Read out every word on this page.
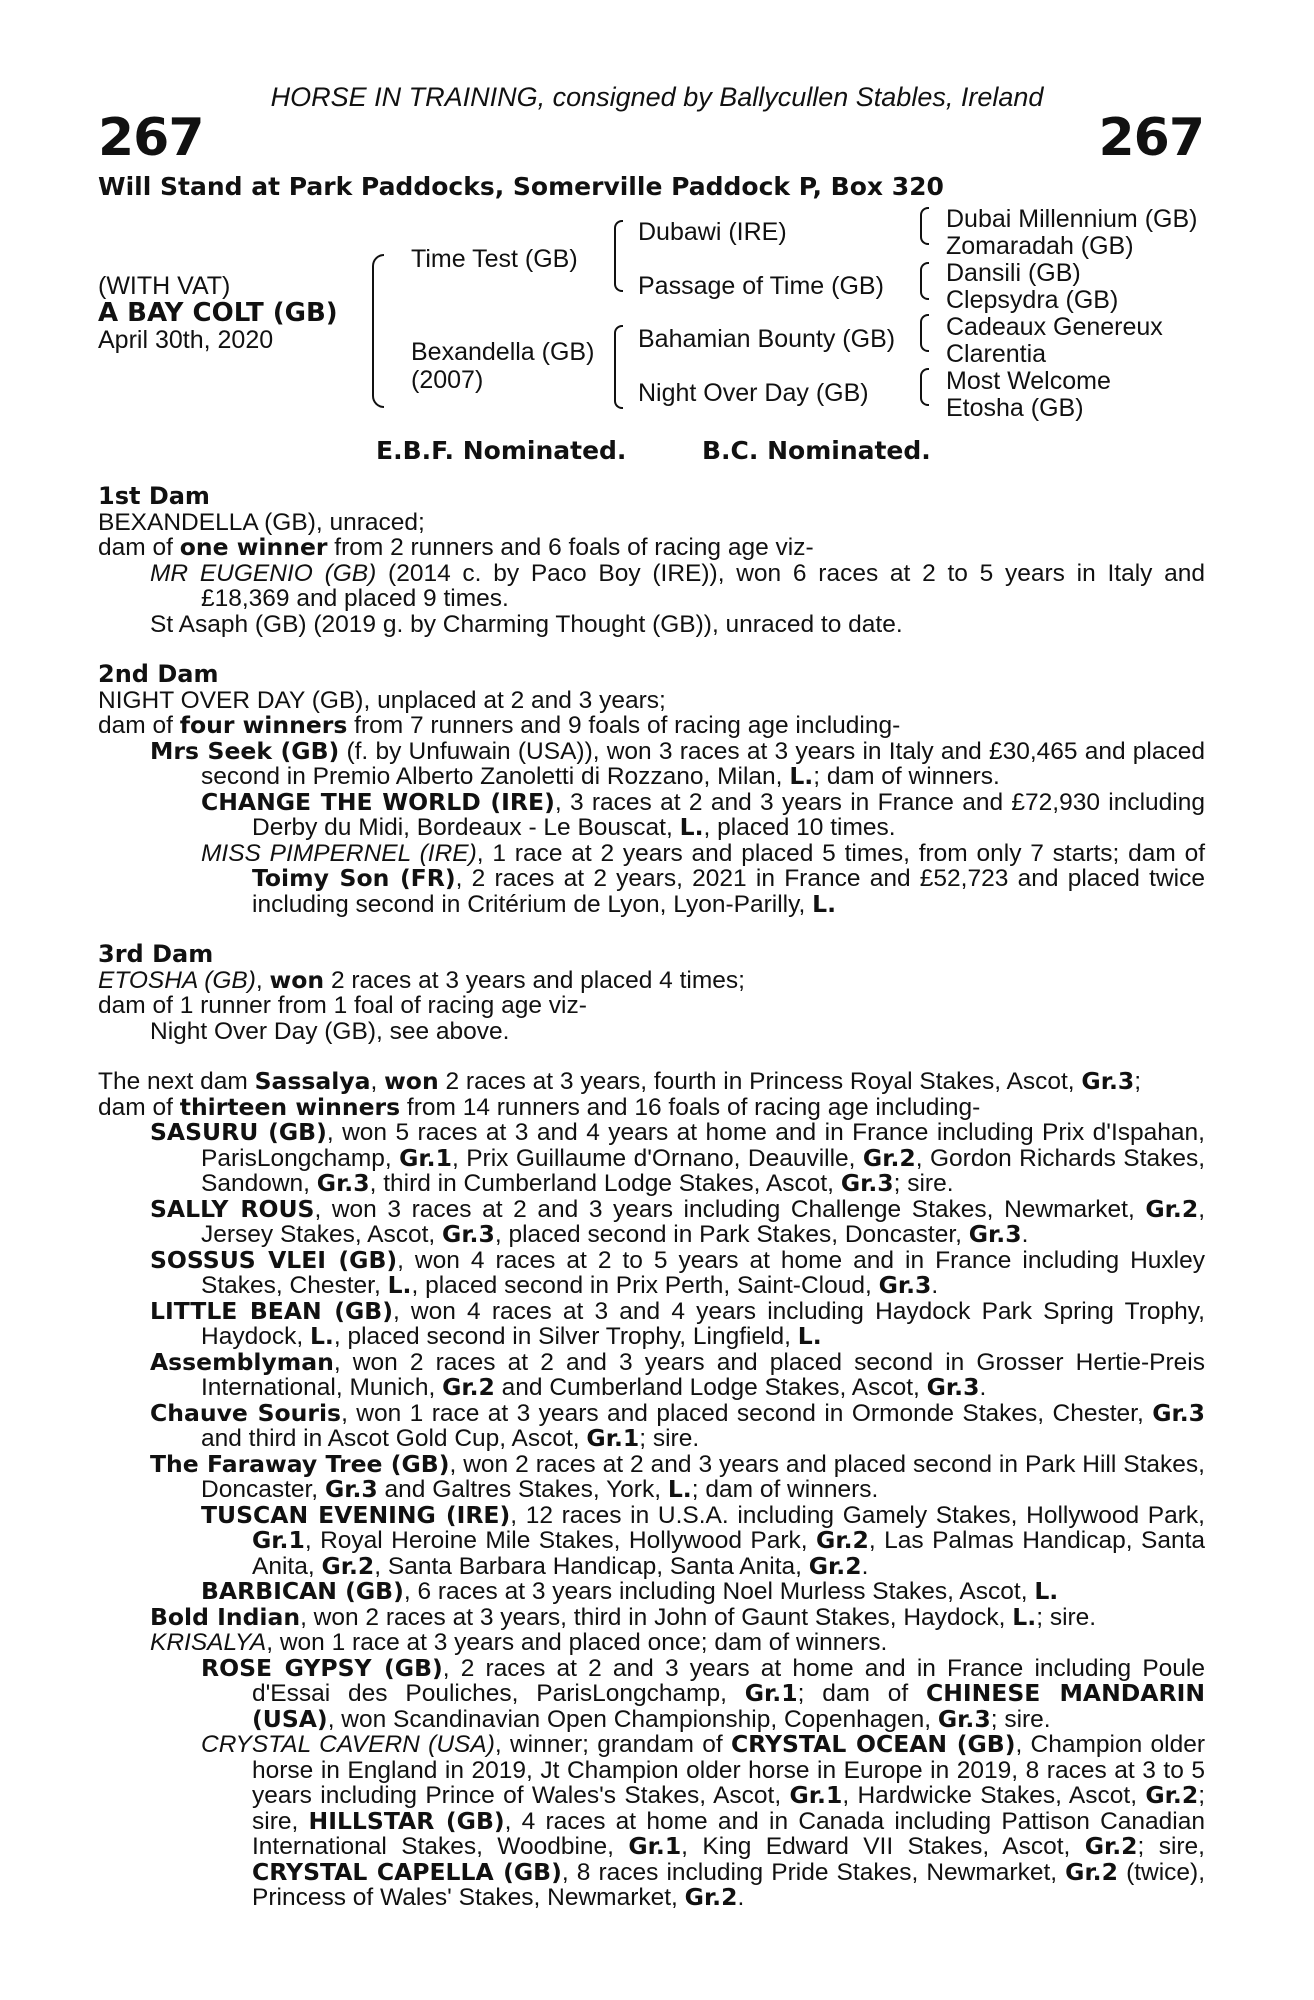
HORSE IN TRAINING, consigned by Ballycullen Stables, Ireland
267	267
Will Stand at Park Paddocks, Somerville Paddock P, Box 320
(WITH VAT)
A BAY COLT (GB)
April 30th, 2020
Time Test (GB)
Bexandella (GB)
(2007)
Dubawi (IRE)
Passage of Time (GB)
Bahamian Bounty (GB)
Night Over Day (GB)
Dubai Millennium (GB)
Zomaradah (GB)
Dansili (GB)
Clepsydra (GB)
Cadeaux Genereux
Clarentia
Most Welcome
Etosha (GB)
E.B.F. Nominated.	B.C. Nominated.

1st Dam

BEXANDELLA (GB), unraced;

dam of one winner from 2 runners and 6 foals of racing age viz-

MR EUGENIO (GB) (2014 c. by Paco Boy (IRE)), won 6 races at 2 to 5 years in Italy and £18,369 and placed 9 times.

St Asaph (GB) (2019 g. by Charming Thought (GB)), unraced to date.

2nd Dam

NIGHT OVER DAY (GB), unplaced at 2 and 3 years;

dam of four winners from 7 runners and 9 foals of racing age including-

Mrs Seek (GB) (f. by Unfuwain (USA)), won 3 races at 3 years in Italy and £30,465 and placed second in Premio Alberto Zanoletti di Rozzano, Milan, L.; dam of winners.

CHANGE THE WORLD (IRE), 3 races at 2 and 3 years in France and £72,930 including Derby du Midi, Bordeaux - Le Bouscat, L., placed 10 times.

MISS PIMPERNEL (IRE), 1 race at 2 years and placed 5 times, from only 7 starts; dam of Toimy Son (FR), 2 races at 2 years, 2021 in France and £52,723 and placed twice including second in Critérium de Lyon, Lyon-Parilly, L.

3rd Dam

ETOSHA (GB), won 2 races at 3 years and placed 4 times;

dam of 1 runner from 1 foal of racing age viz-

Night Over Day (GB), see above.

The next dam Sassalya, won 2 races at 3 years, fourth in Princess Royal Stakes, Ascot, Gr.3;

dam of thirteen winners from 14 runners and 16 foals of racing age including-

SASURU (GB), won 5 races at 3 and 4 years at home and in France including Prix d'Ispahan, ParisLongchamp, Gr.1, Prix Guillaume d'Ornano, Deauville, Gr.2, Gordon Richards Stakes, Sandown, Gr.3, third in Cumberland Lodge Stakes, Ascot, Gr.3; sire.

SALLY ROUS, won 3 races at 2 and 3 years including Challenge Stakes, Newmarket, Gr.2, Jersey Stakes, Ascot, Gr.3, placed second in Park Stakes, Doncaster, Gr.3.

SOSSUS VLEI (GB), won 4 races at 2 to 5 years at home and in France including Huxley Stakes, Chester, L., placed second in Prix Perth, Saint-Cloud, Gr.3.

LITTLE BEAN (GB), won 4 races at 3 and 4 years including Haydock Park Spring Trophy, Haydock, L., placed second in Silver Trophy, Lingfield, L.

Assemblyman, won 2 races at 2 and 3 years and placed second in Grosser Hertie-Preis International, Munich, Gr.2 and Cumberland Lodge Stakes, Ascot, Gr.3.

Chauve Souris, won 1 race at 3 years and placed second in Ormonde Stakes, Chester, Gr.3 and third in Ascot Gold Cup, Ascot, Gr.1; sire.

The Faraway Tree (GB), won 2 races at 2 and 3 years and placed second in Park Hill Stakes, Doncaster, Gr.3 and Galtres Stakes, York, L.; dam of winners.

TUSCAN EVENING (IRE), 12 races in U.S.A. including Gamely Stakes, Hollywood Park, Gr.1, Royal Heroine Mile Stakes, Hollywood Park, Gr.2, Las Palmas Handicap, Santa Anita, Gr.2, Santa Barbara Handicap, Santa Anita, Gr.2.

BARBICAN (GB), 6 races at 3 years including Noel Murless Stakes, Ascot, L.

Bold Indian, won 2 races at 3 years, third in John of Gaunt Stakes, Haydock, L.; sire.

KRISALYA, won 1 race at 3 years and placed once; dam of winners.

ROSE GYPSY (GB), 2 races at 2 and 3 years at home and in France including Poule d'Essai des Pouliches, ParisLongchamp, Gr.1; dam of CHINESE MANDARIN (USA), won Scandinavian Open Championship, Copenhagen, Gr.3; sire.

CRYSTAL CAVERN (USA), winner; grandam of CRYSTAL OCEAN (GB), Champion older horse in England in 2019, Jt Champion older horse in Europe in 2019, 8 races at 3 to 5 years including Prince of Wales's Stakes, Ascot, Gr.1, Hardwicke Stakes, Ascot, Gr.2; sire, HILLSTAR (GB), 4 races at home and in Canada including Pattison Canadian International Stakes, Woodbine, Gr.1, King Edward VII Stakes, Ascot, Gr.2; sire, CRYSTAL CAPELLA (GB), 8 races including Pride Stakes, Newmarket, Gr.2 (twice), Princess of Wales' Stakes, Newmarket, Gr.2.
